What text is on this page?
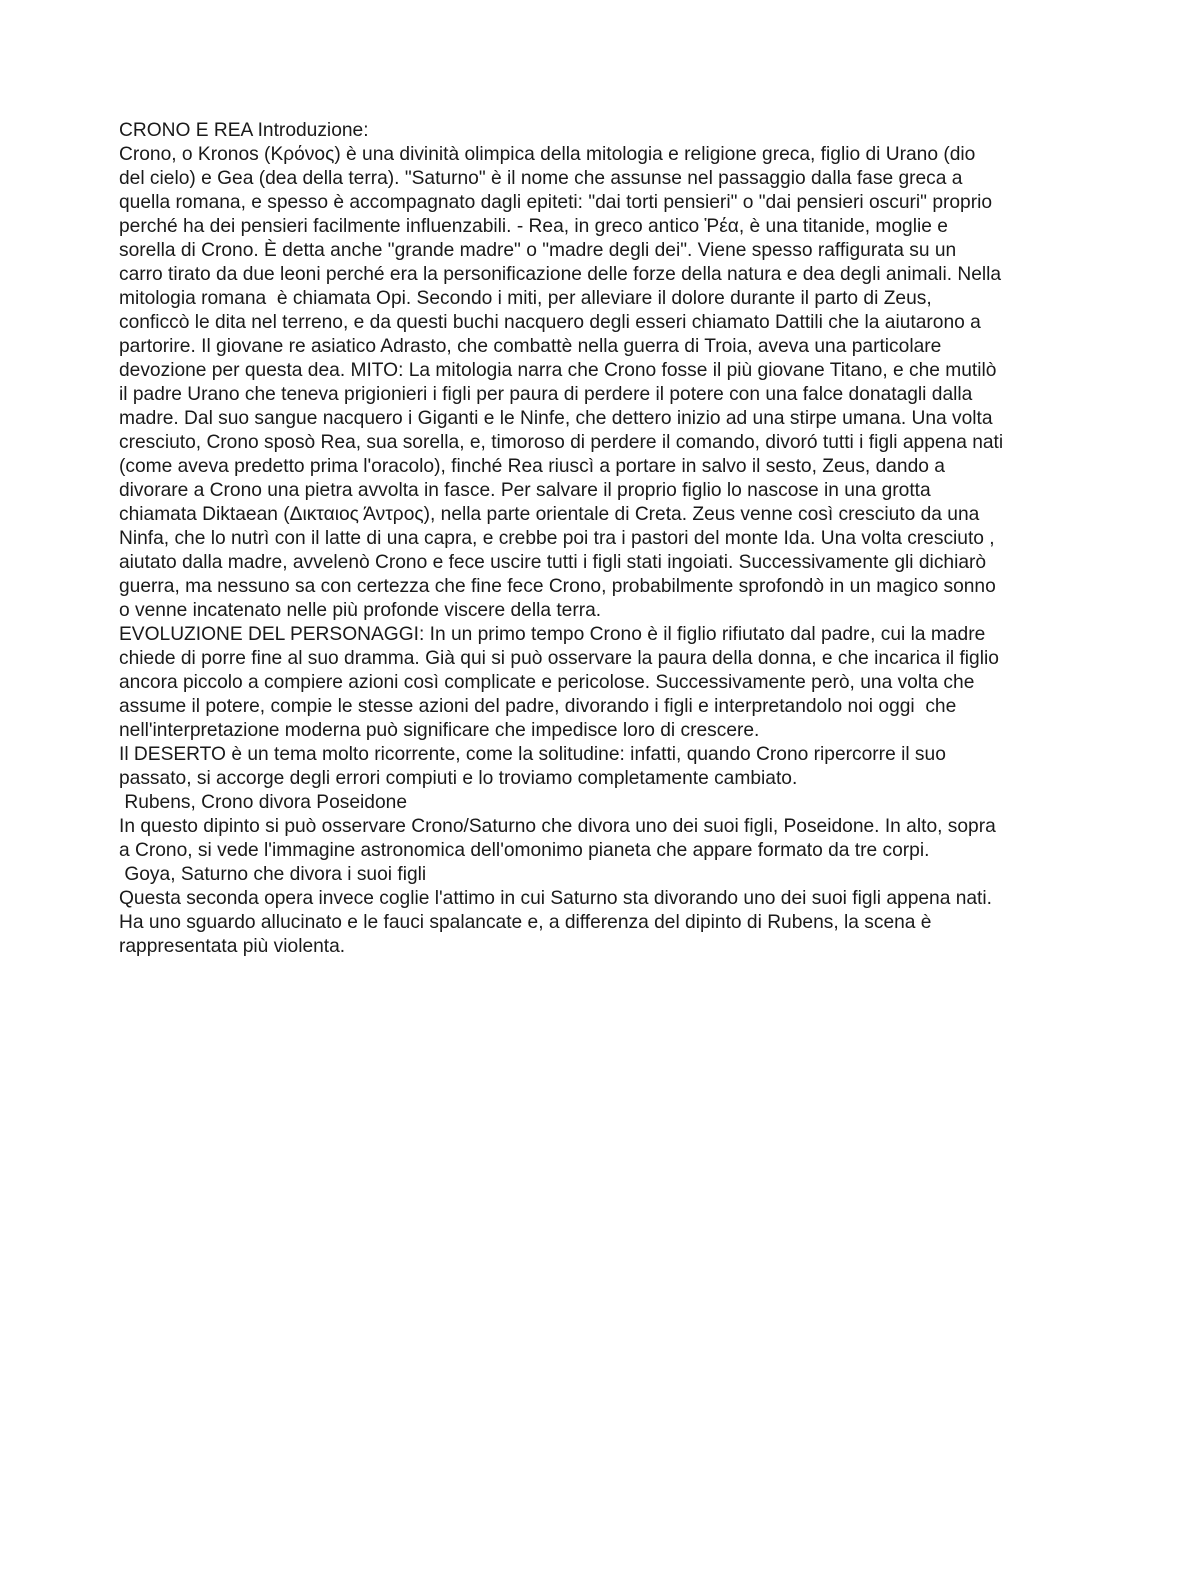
CRONO E REA Introduzione:
Crono, o Kronos (Κρόνος) è una divinità olimpica della mitologia e religione greca, figlio di Urano (dio
del cielo) e Gea (dea della terra). "Saturno" è il nome che assunse nel passaggio dalla fase greca a
quella romana, e spesso è accompagnato dagli epiteti: "dai torti pensieri" o "dai pensieri oscuri" proprio
perché ha dei pensieri facilmente influenzabili. - Rea, in greco antico Ῥέα, è una titanide, moglie e
sorella di Crono. È detta anche "grande madre" o "madre degli dei". Viene spesso raffigurata su un
carro tirato da due leoni perché era la personificazione delle forze della natura e dea degli animali. Nella
mitologia romana  è chiamata Opi. Secondo i miti, per alleviare il dolore durante il parto di Zeus,
conficcò le dita nel terreno, e da questi buchi nacquero degli esseri chiamato Dattili che la aiutarono a
partorire. Il giovane re asiatico Adrasto, che combattè nella guerra di Troia, aveva una particolare
devozione per questa dea. MITO: La mitologia narra che Crono fosse il più giovane Titano, e che mutilò
il padre Urano che teneva prigionieri i figli per paura di perdere il potere con una falce donatagli dalla
madre. Dal suo sangue nacquero i Giganti e le Ninfe, che dettero inizio ad una stirpe umana. Una volta
cresciuto, Crono sposò Rea, sua sorella, e, timoroso di perdere il comando, divoró tutti i figli appena nati
(come aveva predetto prima l'oracolo), finché Rea riuscì a portare in salvo il sesto, Zeus, dando a
divorare a Crono una pietra avvolta in fasce. Per salvare il proprio figlio lo nascose in una grotta
chiamata Diktaean (Δικταιος Άντρος), nella parte orientale di Creta. Zeus venne così cresciuto da una
Ninfa, che lo nutrì con il latte di una capra, e crebbe poi tra i pastori del monte Ida. Una volta cresciuto ,
aiutato dalla madre, avvelenò Crono e fece uscire tutti i figli stati ingoiati. Successivamente gli dichiarò
guerra, ma nessuno sa con certezza che fine fece Crono, probabilmente sprofondò in un magico sonno
o venne incatenato nelle più profonde viscere della terra.
EVOLUZIONE DEL PERSONAGGI: In un primo tempo Crono è il figlio rifiutato dal padre, cui la madre
chiede di porre fine al suo dramma. Già qui si può osservare la paura della donna, e che incarica il figlio
ancora piccolo a compiere azioni così complicate e pericolose. Successivamente però, una volta che
assume il potere, compie le stesse azioni del padre, divorando i figli e interpretandolo noi oggi  che
nell'interpretazione moderna può significare che impedisce loro di crescere.
Il DESERTO è un tema molto ricorrente, come la solitudine: infatti, quando Crono ripercorre il suo
passato, si accorge degli errori compiuti e lo troviamo completamente cambiato.
Rubens, Crono divora Poseidone
In questo dipinto si può osservare Crono/Saturno che divora uno dei suoi figli, Poseidone. In alto, sopra
a Crono, si vede l'immagine astronomica dell'omonimo pianeta che appare formato da tre corpi.
Goya, Saturno che divora i suoi figli
Questa seconda opera invece coglie l'attimo in cui Saturno sta divorando uno dei suoi figli appena nati.
Ha uno sguardo allucinato e le fauci spalancate e, a differenza del dipinto di Rubens, la scena è
rappresentata più violenta.
